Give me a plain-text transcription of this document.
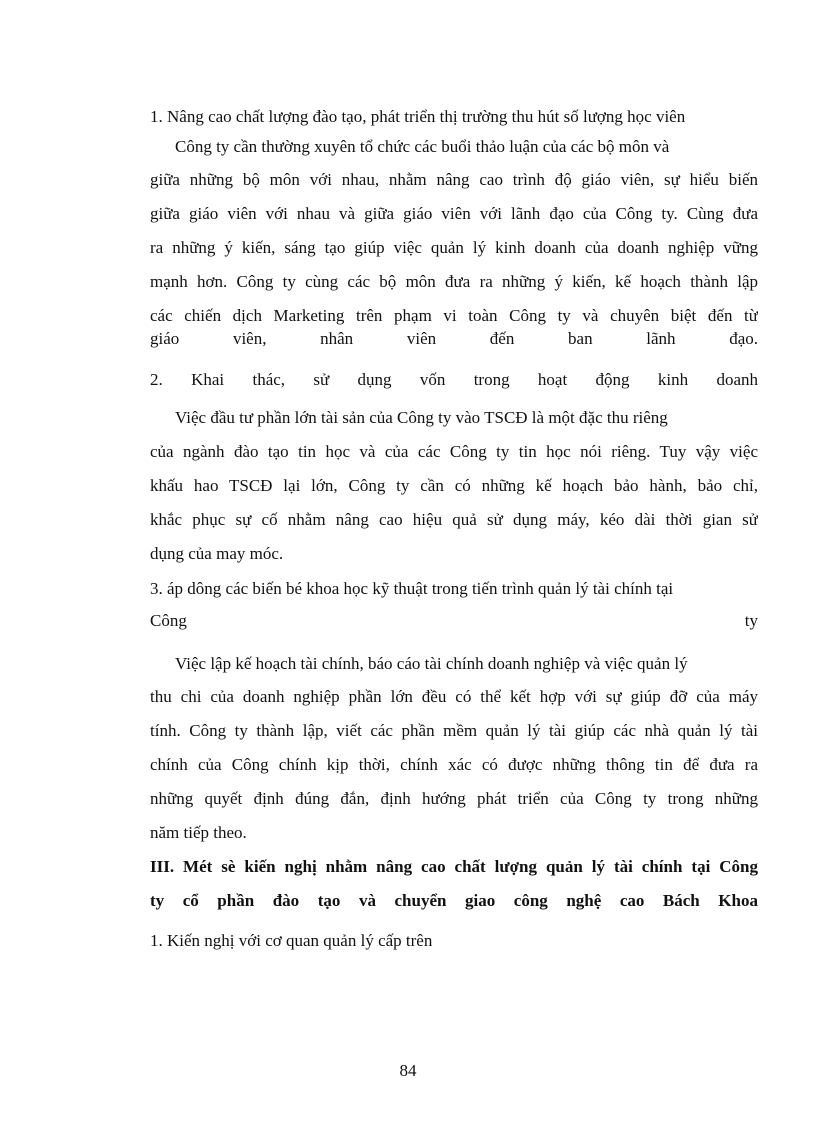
1. Nâng cao chất lượng đào tạo, phát triển thị trường thu hút số lượng học viên
Công ty cần thường xuyên tổ chức các buổi thảo luận của các bộ môn và
giữa những bộ môn với nhau, nhằm nâng cao trình độ giáo viên, sự hiểu biến
giữa giáo viên với nhau và giữa giáo viên với lãnh đạo của Công ty. Cùng đưa
ra những ý kiến, sáng tạo giúp việc quản lý kinh doanh của doanh nghiệp vững
mạnh hơn. Công ty cùng các bộ môn đưa ra những ý kiến, kế hoạch thành lập
các chiến dịch Marketing trên phạm vi toàn Công ty và chuyên biệt đến từ
giáo viên, nhân viên đến ban lãnh đạo.
2. Khai thác, sử dụng vốn trong hoạt động kinh doanh
Việc đầu tư phần lớn tài sản của Công ty vào TSCĐ là một đặc thu riêng
của ngành đào tạo tin học và của các Công ty tin học nói riêng. Tuy vậy việc
khấu hao TSCĐ lại lớn, Công ty cần có những kế hoạch bảo hành, bảo chỉ,
khắc phục sự cố nhằm nâng cao hiệu quả sử dụng máy, kéo dài thời gian sử
dụng của may móc.
3. áp dông các biến bé khoa học kỹ thuật trong tiến trình quản lý tài chính tại
Công ty
Việc lập kế hoạch tài chính, báo cáo tài chính doanh nghiệp và việc quản lý
thu chi của doanh nghiệp phần lớn đều có thể kết hợp với sự giúp đỡ của máy
tính. Công ty thành lập, viết các phần mềm quản lý tài giúp các nhà quản lý tài
chính của Công chính kịp thời, chính xác có được những thông tin để đưa ra
những quyết định đúng đắn, định hướng phát triển của Công ty trong những
năm tiếp theo.
III. Mét sè kiến nghị nhằm nâng cao chất lượng quản lý tài chính tại Công
ty cổ phần đào tạo và chuyển giao công nghệ cao Bách Khoa
1. Kiến nghị với cơ quan quản lý cấp trên
84
